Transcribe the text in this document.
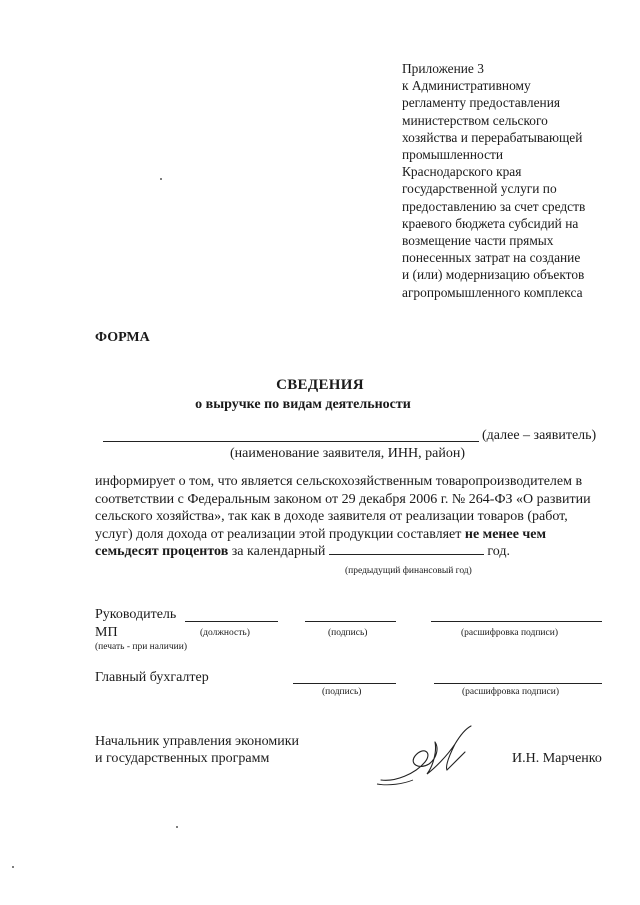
Приложение 3
к Административному
регламенту предоставления
министерством сельского
хозяйства и перерабатывающей
промышленности
Краснодарского края
государственной услуги по
предоставлению за счет средств
краевого бюджета субсидий на
возмещение части прямых
понесенных затрат на создание
и (или) модернизацию объектов
агропромышленного комплекса
ФОРМА
СВЕДЕНИЯ
о выручке по видам деятельности
(далее – заявитель)
(наименование заявителя, ИНН, район)

информирует о том, что является сельскохозяйственным товаропроизводителем в

соответствии с Федеральным законом от 29 декабря 2006 г. № 264-ФЗ «О развитии

сельского хозяйства», так как в доходе заявителя от реализации товаров (работ,

услуг) доля дохода от реализации этой продукции составляет не менее чем

семьдесят процентов за календарный	год.

(предыдущий финансовый год)
Руководитель
МП	(должность)	(подпись)	(расшифровка подписи)
(печать - при наличии)
Главный бухгалтер
(подпись)	(расшифровка подписи)
Начальник управления экономики
и государственных программ	И.Н. Марченко
